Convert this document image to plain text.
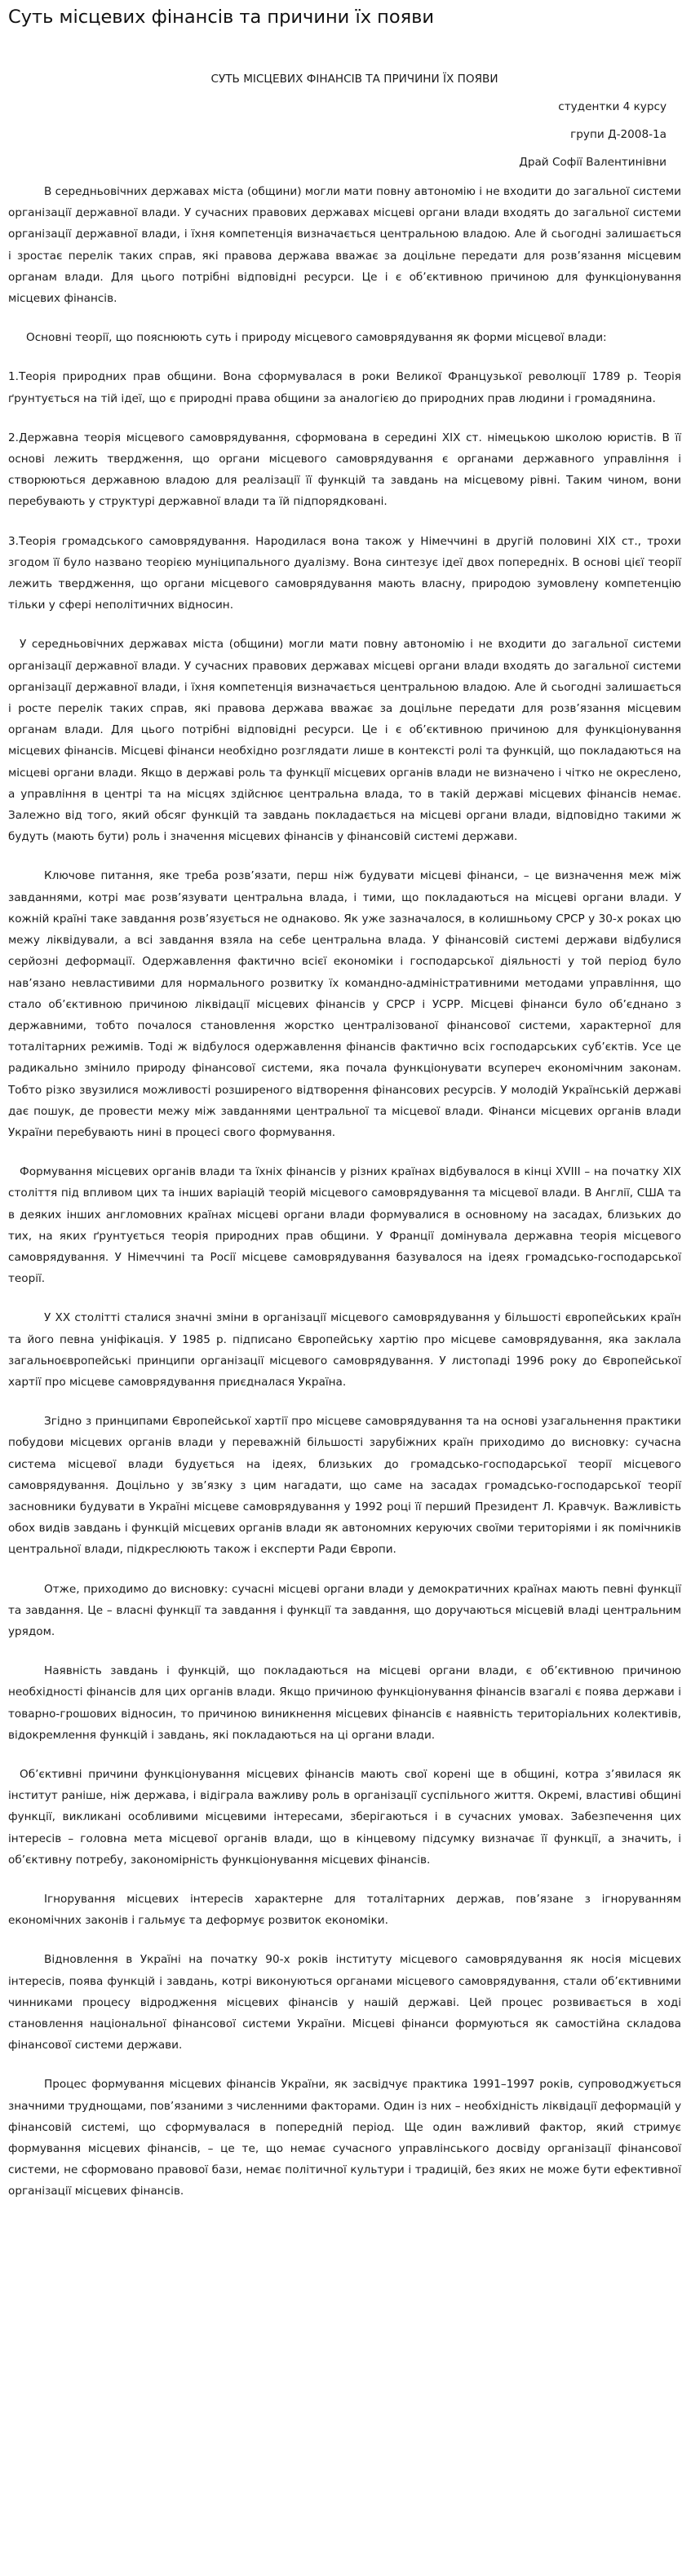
Суть місцевих фінансів та причини їх появи
СУТЬ МІСЦЕВИХ ФІНАНСІВ ТА ПРИЧИНИ ЇХ ПОЯВИ
студентки 4 курсу
групи Д-2008-1а
Драй Софії Валентинівни

В середньовічних державах міста (общини) могли мати повну автономію і не входити до загальної системи організації державної влади. У сучасних правових державах місцеві органи влади входять до загальної системи організації державної влади, і їхня компетенція визначається центральною владою. Але й сьогодні залишається і зростає перелік таких справ, які правова держава вважає за доцільне передати для розв’язання місцевим органам влади. Для цього потрібні відповідні ресурси. Це і є об’єктивною причиною для функціонування місцевих фінансів.

Основні теорії, що пояснюють суть і природу місцевого самоврядування як форми місцевої влади:

1.Теорія природних прав общини. Вона сформувалася в роки Великої Французької революції 1789 р. Теорія ґрунтується на тій ідеї, що є природні права общини за аналогією до природних прав людини і громадянина.

2.Державна теорія місцевого самоврядування, сформована в середині XIX ст. німецькою школою юристів. В її основі лежить твердження, що органи місцевого самоврядування є органами державного управління і створюються державною владою для реалізації її функцій та завдань на місцевому рівні. Таким чином, вони перебувають у структурі державної влади та їй підпорядковані.

3.Теорія громадського самоврядування. Народилася вона також у Німеччині в другій половині XIX ст., трохи згодом її було названо теорією муніципального дуалізму. Вона синтезує ідеї двох попередніх. В основі цієї теорії лежить твердження, що органи місцевого самоврядування мають власну, природою зумовлену компетенцію тільки у сфері неполітичних відносин.

У середньовічних державах міста (общини) могли мати повну автономію і не входити до загальної системи організації державної влади. У сучасних правових державах місцеві органи влади входять до загальної системи організації державної влади, і їхня компетенція визначається центральною владою. Але й сьогодні залишається і росте перелік таких справ, які правова держава вважає за доцільне передати для розв’язання місцевим органам влади. Для цього потрібні відповідні ресурси. Це і є об’єктивною причиною для функціонування місцевих фінансів. Місцеві фінанси необхідно розглядати лише в контексті ролі та функцій, що покладаються на місцеві органи влади. Якщо в державі роль та функції місцевих органів влади не визначено і чітко не окреслено, а управління в центрі та на місцях здійснює центральна влада, то в такій державі місцевих фінансів немає. Залежно від того, який обсяг функцій та завдань покладається на місцеві органи влади, відповідно такими ж будуть (мають бути) роль і значення місцевих фінансів у фінансовій системі держави.

Ключове питання, яке треба розв’язати, перш ніж будувати місцеві фінанси, – це визначення меж між завданнями, котрі має розв’язувати центральна влада, і тими, що покладаються на місцеві органи влади. У кожній країні таке завдання розв’язується не однаково. Як уже зазначалося, в колишньому СРСР у 30-х роках цю межу ліквідували, а всі завдання взяла на себе центральна влада. У фінансовій системі держави відбулися серйозні деформації. Одержавлення фактично всієї економіки і господарської діяльності у той період було нав’язано невластивими для нормального розвитку їх командно-адміністративними методами управління, що стало об’єктивною причиною ліквідації місцевих фінансів у СРСР і УСРР. Місцеві фінанси було об’єднано з державними, тобто почалося становлення жорстко централізованої фінансової системи, характерної для тоталітарних режимів. Тоді ж відбулося одержавлення фінансів фактично всіх господарських суб’єктів. Усе це радикально змінило природу фінансової системи, яка почала функціонувати всупереч економічним законам. Тобто різко звузилися можливості розширеного відтворення фінансових ресурсів. У молодій Українській державі дає пошук, де провести межу між завданнями центральної та місцевої влади. Фінанси місцевих органів влади України перебувають нині в процесі свого формування.

Формування місцевих органів влади та їхніх фінансів у різних країнах відбувалося в кінці XVIII – на початку XIX століття під впливом цих та інших варіацій теорій місцевого самоврядування та місцевої влади. В Англії, США та в деяких інших англомовних країнах місцеві органи влади формувалися в основному на засадах, близьких до тих, на яких ґрунтується теорія природних прав общини. У Франції домінувала державна теорія місцевого самоврядування. У Німеччині та Росії місцеве самоврядування базувалося на ідеях громадсько-господарської теорії.

У ХХ столітті сталися значні зміни в організації місцевого самоврядування у більшості європейських країн та його певна уніфікація. У 1985 р. підписано Європейську хартію про місцеве самоврядування, яка заклала загальноєвропейські принципи організації місцевого самоврядування. У листопаді 1996 року до Європейської хартії про місцеве самоврядування приєдналася Україна.

Згідно з принципами Європейської хартії про місцеве самоврядування та на основі узагальнення практики побудови місцевих органів влади у переважній більшості зарубіжних країн приходимо до висновку: сучасна система місцевої влади будується на ідеях, близьких до громадсько-господарської теорії місцевого самоврядування. Доцільно у зв’язку з цим нагадати, що саме на засадах громадсько-господарської теорії засновники будувати в Україні місцеве самоврядування у 1992 році її перший Президент Л. Кравчук. Важливість обох видів завдань і функцій місцевих органів влади як автономних керуючих своїми територіями і як помічників центральної влади, підкреслюють також і експерти Ради Європи.

Отже, приходимо до висновку: сучасні місцеві органи влади у демократичних країнах мають певні функції та завдання. Це – власні функції та завдання і функції та завдання, що доручаються місцевій владі центральним урядом.

Наявність завдань і функцій, що покладаються на місцеві органи влади, є об’єктивною причиною необхідності фінансів для цих органів влади. Якщо причиною функціонування фінансів взагалі є поява держави і товарно-грошових відносин, то причиною виникнення місцевих фінансів є наявність територіальних колективів, відокремлення функцій і завдань, які покладаються на ці органи влади.

Об’єктивні причини функціонування місцевих фінансів мають свої корені ще в общині, котра з’явилася як інститут раніше, ніж держава, і відіграла важливу роль в організації суспільного життя. Окремі, властиві общині функції, викликані особливими місцевими інтересами, зберігаються і в сучасних умовах. Забезпечення цих інтересів – головна мета місцевої органів влади, що в кінцевому підсумку визначає її функції, а значить, і об’єктивну потребу, закономірність функціонування місцевих фінансів.

Ігнорування місцевих інтересів характерне для тоталітарних держав, пов’язане з ігноруванням економічних законів і гальмує та деформує розвиток економіки.

Відновлення в Україні на початку 90-х років інституту місцевого самоврядування як носія місцевих інтересів, поява функцій і завдань, котрі виконуються органами місцевого самоврядування, стали об’єктивними чинниками процесу відродження місцевих фінансів у нашій державі. Цей процес розвивається в ході становлення національної фінансової системи України. Місцеві фінанси формуються як самостійна складова фінансової системи держави.

Процес формування місцевих фінансів України, як засвідчує практика 1991–1997 років, супроводжується значними труднощами, пов’язаними з численними факторами. Один із них – необхідність ліквідації деформацій у фінансовій системі, що сформувалася в попередній період. Ще один важливий фактор, який стримує формування місцевих фінансів, – це те, що немає сучасного управлінського досвіду організації фінансової системи, не сформовано правової бази, немає політичної культури і традицій, без яких не може бути ефективної організації місцевих фінансів.
